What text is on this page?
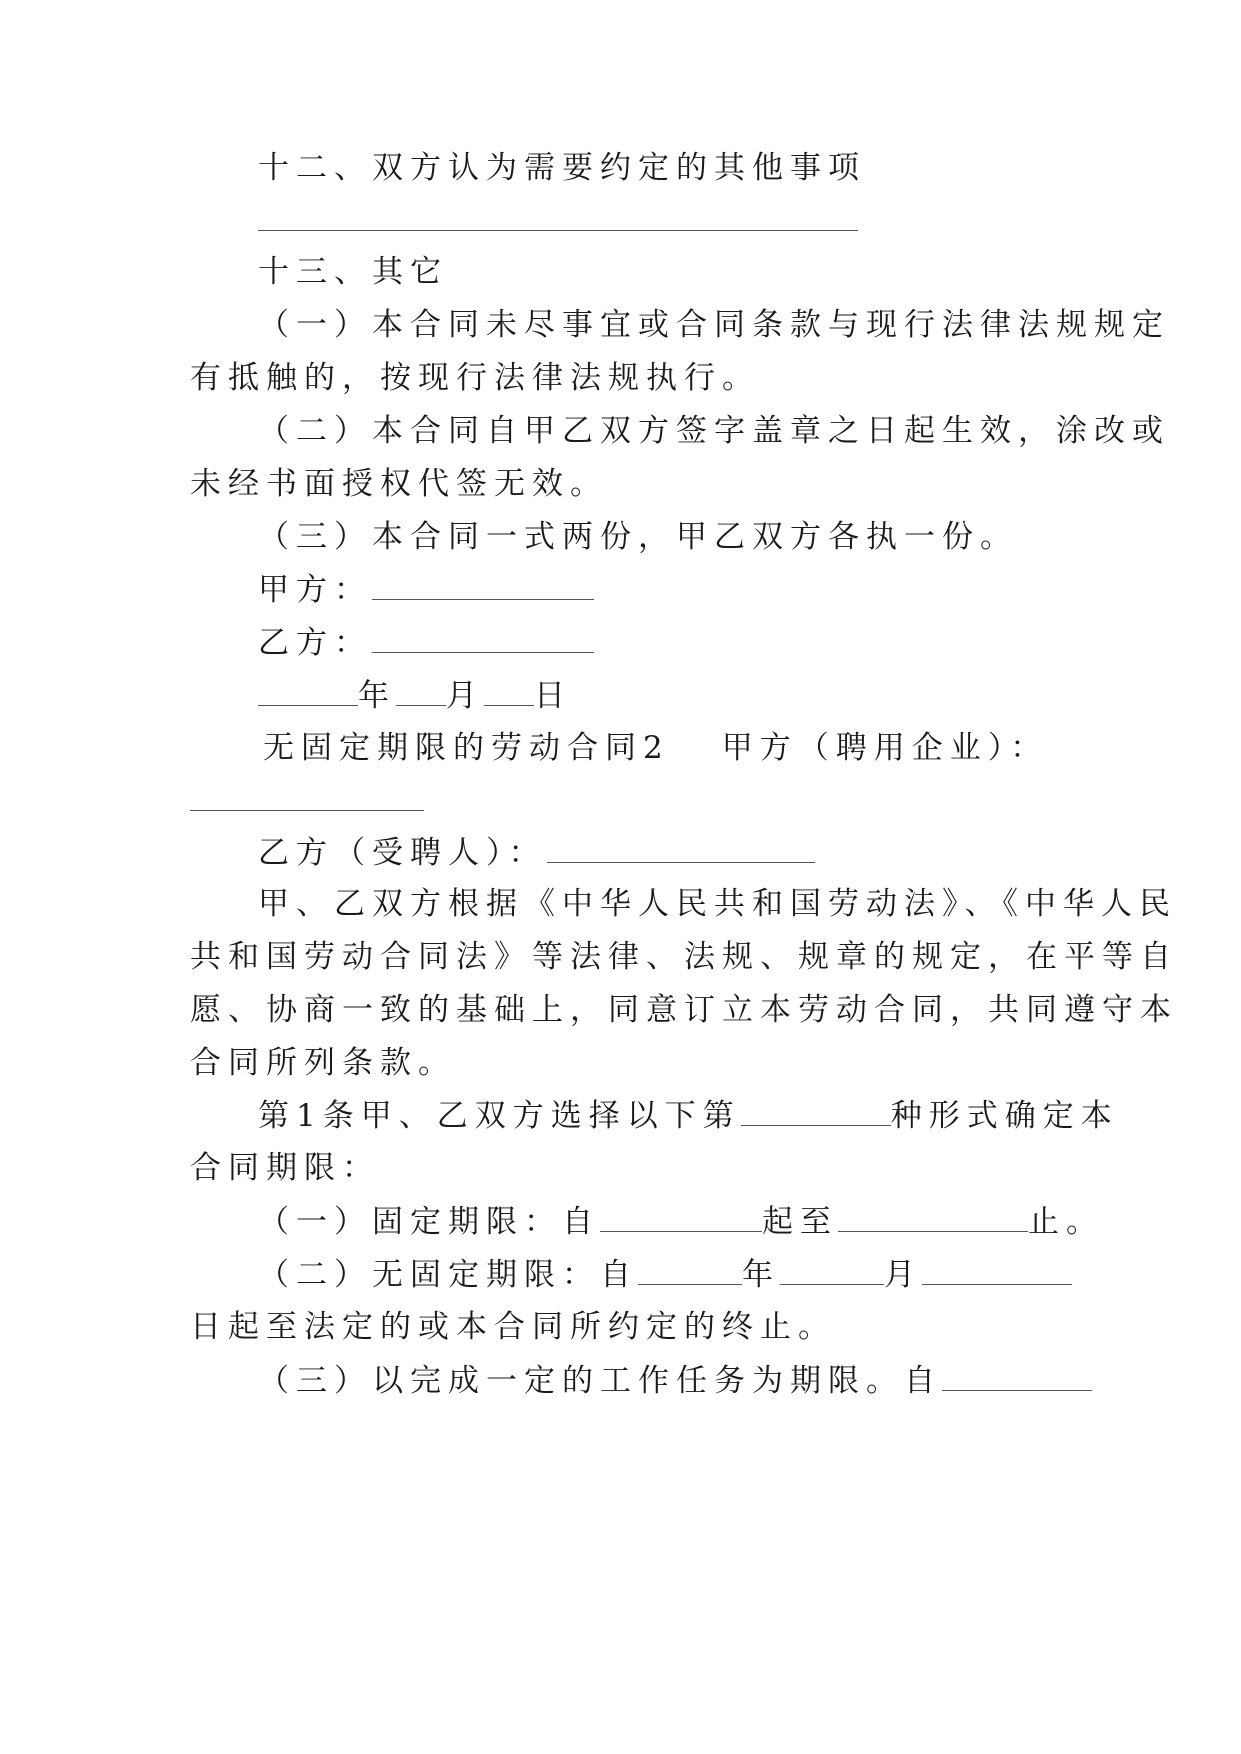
十二、双方认为需要约定的其他事项
十三、其它
（一）本合同未尽事宜或合同条款与现行法律法规规定
有抵触的，按现行法律法规执行。
（二）本合同自甲乙双方签字盖章之日起生效，涂改或
未经书面授权代签无效。
（三）本合同一式两份，甲乙双方各执一份。
甲方：
乙方：
年 月 日
无固定期限的劳动合同2 甲方（聘用企业）：
乙方（受聘人）：
甲、乙双方根据《中华人民共和国劳动法》、《中华人民
共和国劳动合同法》等法律、法规、规章的规定，在平等自
愿、协商一致的基础上，同意订立本劳动合同，共同遵守本
合同所列条款。
第1条甲、乙双方选择以下第	种形式确定本
合同期限：
（一）固定期限：自	起至	止。
（二）无固定期限：自	年	月
日起至法定的或本合同所约定的终止。
（三）以完成一定的工作任务为期限。自
